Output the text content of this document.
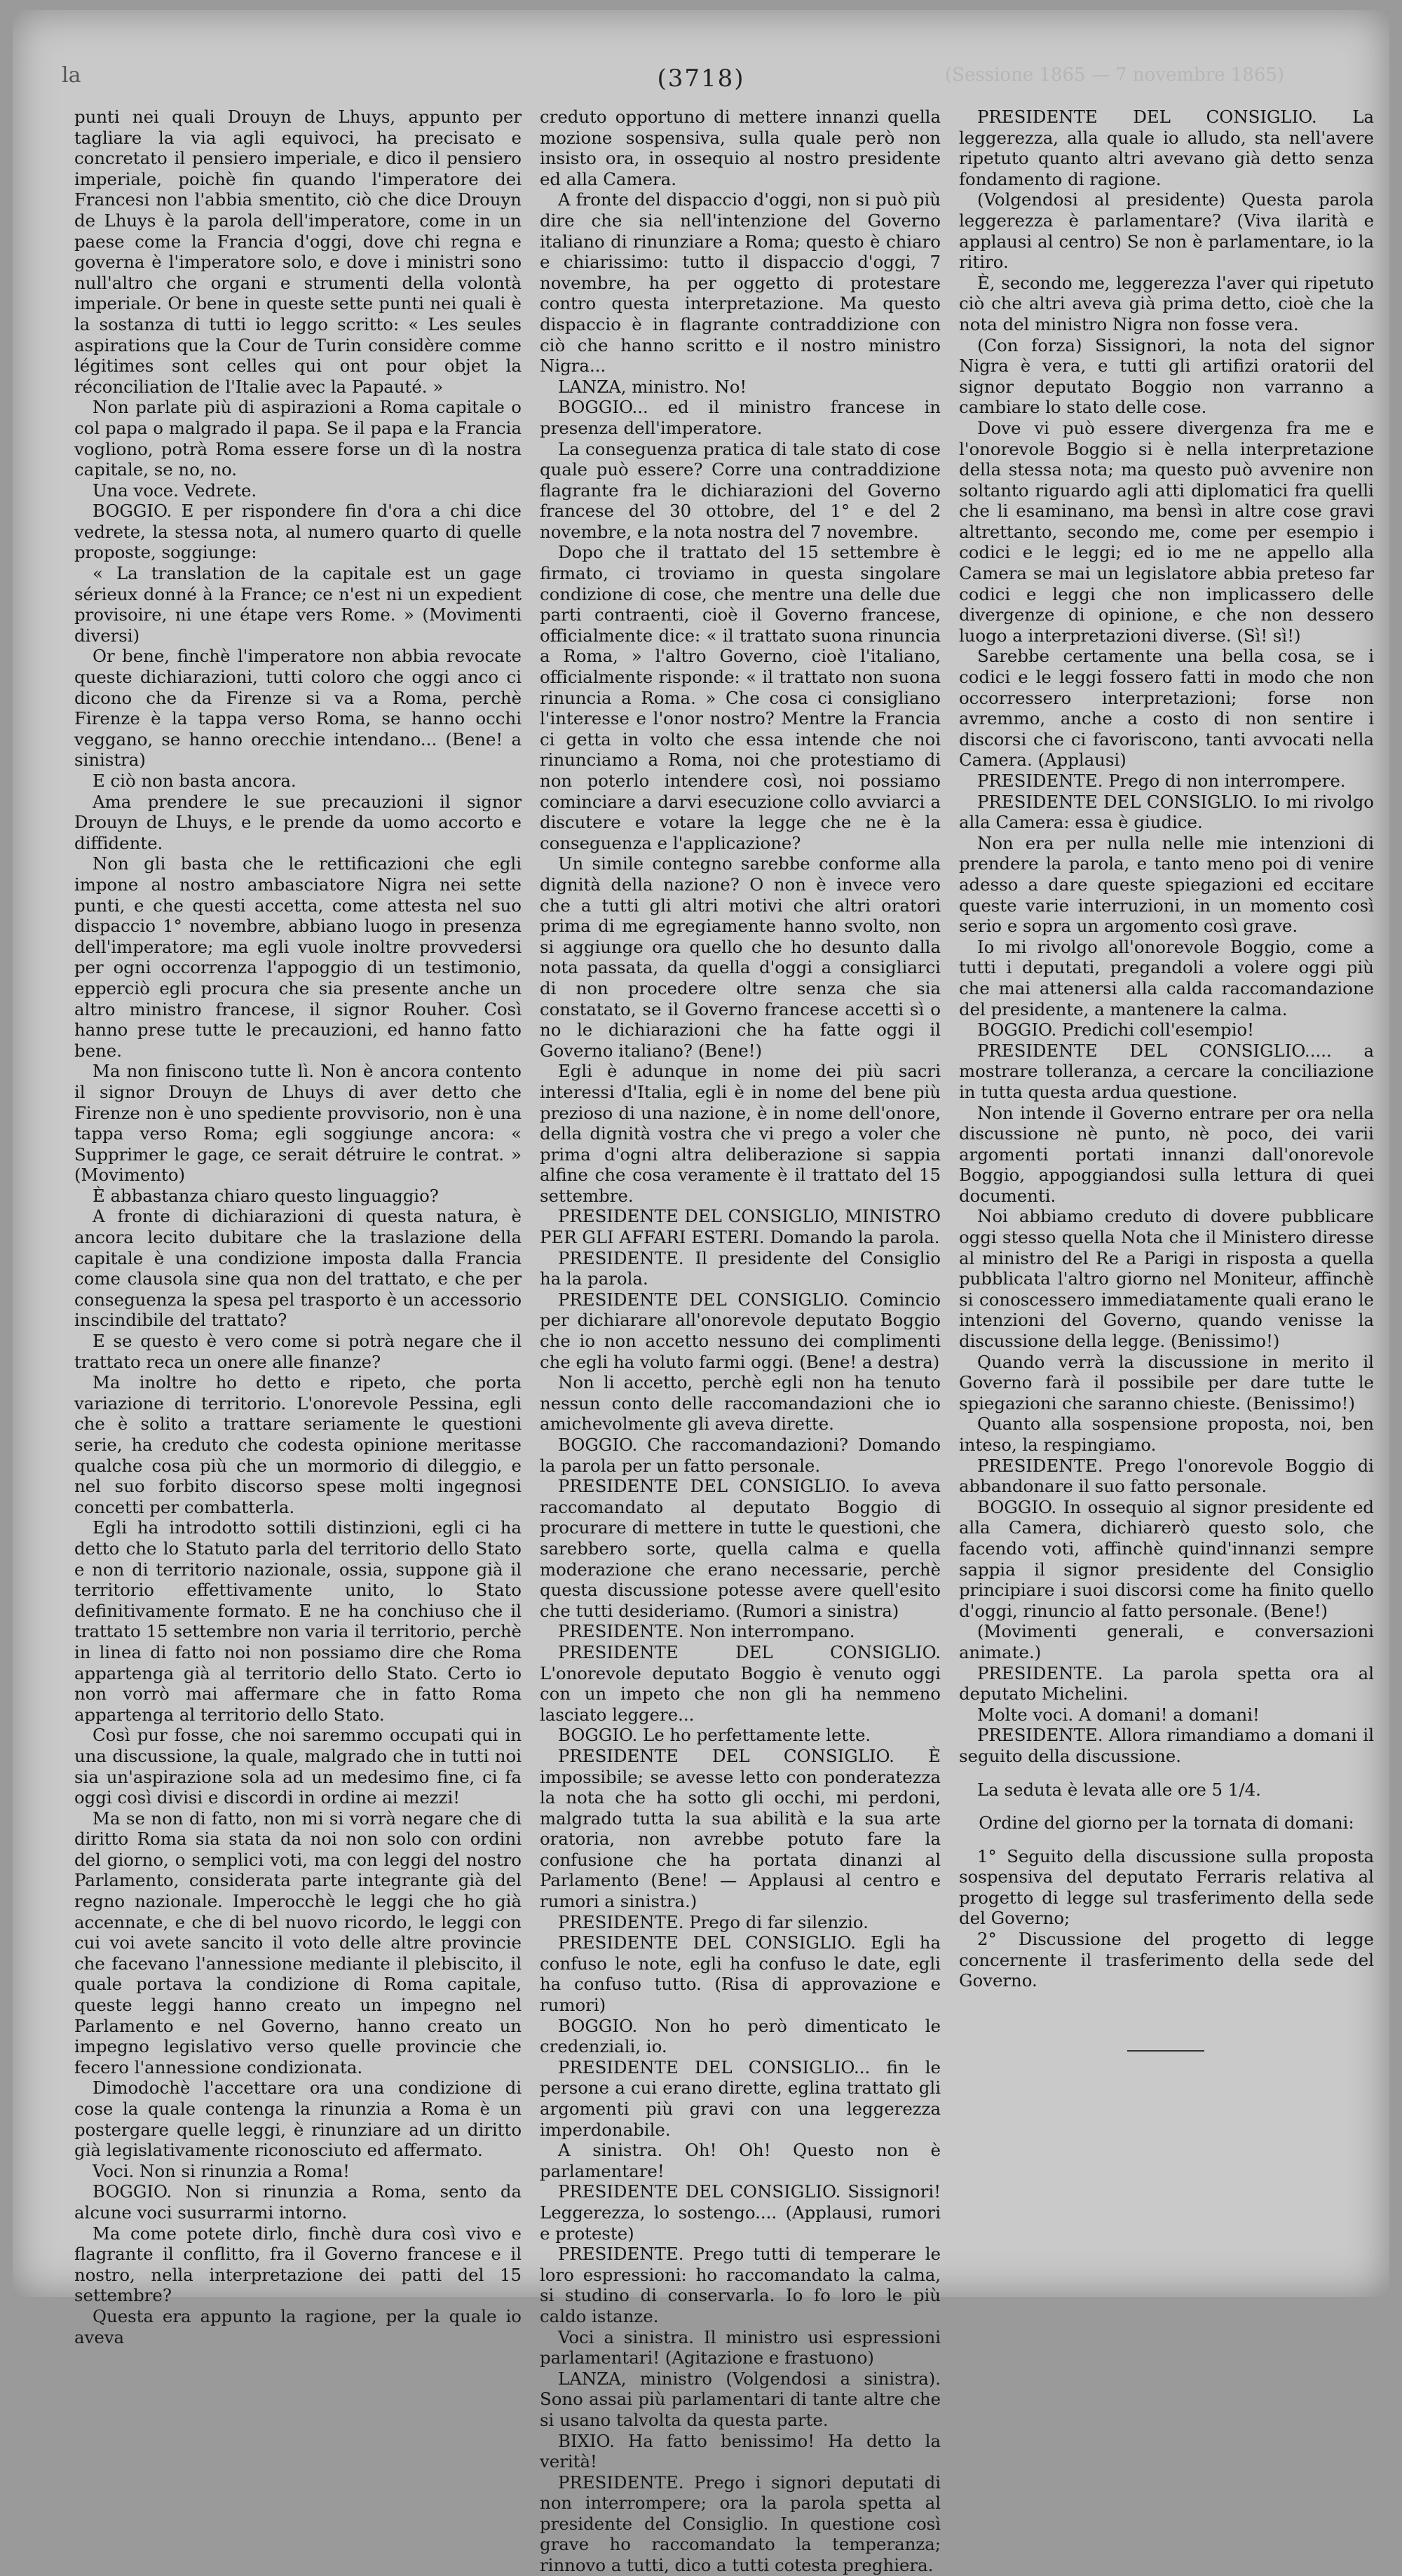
la	(3718)	(Sessione 1865 — 7 novembre 1865)

punti nei quali Drouyn de Lhuys, appunto per tagliare la via agli equivoci, ha precisato e concretato il pensiero imperiale, e dico il pensiero imperiale, poichè fin quando l'imperatore dei Francesi non l'abbia smentito, ciò che dice Drouyn de Lhuys è la parola dell'imperatore, come in un paese come la Francia d'oggi, dove chi regna e governa è l'imperatore solo, e dove i ministri sono null'altro che organi e strumenti della volontà imperiale. Or bene in queste sette punti nei quali è la sostanza di tutti io leggo scritto: « Les seules aspirations que la Cour de Turin considère comme légitimes sont celles qui ont pour objet la réconciliation de l'Italie avec la Papauté. »

Non parlate più di aspirazioni a Roma capitale o col papa o malgrado il papa. Se il papa e la Francia vogliono, potrà Roma essere forse un dì la nostra capitale, se no, no.

Una voce. Vedrete.

BOGGIO. E per rispondere fin d'ora a chi dice vedrete, la stessa nota, al numero quarto di quelle proposte, soggiunge:

« La translation de la capitale est un gage sérieux donné à la France; ce n'est ni un expedient provisoire, ni une étape vers Rome. » (Movimenti diversi)

Or bene, finchè l'imperatore non abbia revocate queste dichiarazioni, tutti coloro che oggi anco ci dicono che da Firenze si va a Roma, perchè Firenze è la tappa verso Roma, se hanno occhi veggano, se hanno orecchie intendano... (Bene! a sinistra)

E ciò non basta ancora.

Ama prendere le sue precauzioni il signor Drouyn de Lhuys, e le prende da uomo accorto e diffidente.

Non gli basta che le rettificazioni che egli impone al nostro ambasciatore Nigra nei sette punti, e che questi accetta, come attesta nel suo dispaccio 1° novembre, abbiano luogo in presenza dell'imperatore; ma egli vuole inoltre provvedersi per ogni occorrenza l'appoggio di un testimonio, epperciò egli procura che sia presente anche un altro ministro francese, il signor Rouher. Così hanno prese tutte le precauzioni, ed hanno fatto bene.

Ma non finiscono tutte lì. Non è ancora contento il signor Drouyn de Lhuys di aver detto che Firenze non è uno spediente provvisorio, non è una tappa verso Roma; egli soggiunge ancora: « Supprimer le gage, ce serait détruire le contrat. » (Movimento)

È abbastanza chiaro questo linguaggio?

A fronte di dichiarazioni di questa natura, è ancora lecito dubitare che la traslazione della capitale è una condizione imposta dalla Francia come clausola sine qua non del trattato, e che per conseguenza la spesa pel trasporto è un accessorio inscindibile del trattato?

E se questo è vero come si potrà negare che il trattato reca un onere alle finanze?

Ma inoltre ho detto e ripeto, che porta variazione di territorio. L'onorevole Pessina, egli che è solito a trattare seriamente le questioni serie, ha creduto che codesta opinione meritasse qualche cosa più che un mormorio di dileggio, e nel suo forbito discorso spese molti ingegnosi concetti per combatterla.

Egli ha introdotto sottili distinzioni, egli ci ha detto che lo Statuto parla del territorio dello Stato e non di territorio nazionale, ossia, suppone già il territorio effettivamente unito, lo Stato definitivamente formato. E ne ha conchiuso che il trattato 15 settembre non varia il territorio, perchè in linea di fatto noi non possiamo dire che Roma appartenga già al territorio dello Stato. Certo io non vorrò mai affermare che in fatto Roma appartenga al territorio dello Stato.

Così pur fosse, che noi saremmo occupati qui in una discussione, la quale, malgrado che in tutti noi sia un'aspirazione sola ad un medesimo fine, ci fa oggi così divisi e discordi in ordine ai mezzi!

Ma se non di fatto, non mi si vorrà negare che di diritto Roma sia stata da noi non solo con ordini del giorno, o semplici voti, ma con leggi del nostro Parlamento, considerata parte integrante già del regno nazionale. Imperocchè le leggi che ho già accennate, e che di bel nuovo ricordo, le leggi con cui voi avete sancito il voto delle altre provincie che facevano l'annessione mediante il plebiscito, il quale portava la condizione di Roma capitale, queste leggi hanno creato un impegno nel Parlamento e nel Governo, hanno creato un impegno legislativo verso quelle provincie che fecero l'annessione condizionata.

Dimodochè l'accettare ora una condizione di cose la quale contenga la rinunzia a Roma è un postergare quelle leggi, è rinunziare ad un diritto già legislativamente riconosciuto ed affermato.

Voci. Non si rinunzia a Roma!

BOGGIO. Non si rinunzia a Roma, sento da alcune voci susurrarmi intorno.

Ma come potete dirlo, finchè dura così vivo e flagrante il conflitto, fra il Governo francese e il nostro, nella interpretazione dei patti del 15 settembre?

Questa era appunto la ragione, per la quale io aveva

creduto opportuno di mettere innanzi quella mozione sospensiva, sulla quale però non insisto ora, in ossequio al nostro presidente ed alla Camera.

A fronte del dispaccio d'oggi, non si può più dire che sia nell'intenzione del Governo italiano di rinunziare a Roma; questo è chiaro e chiarissimo: tutto il dispaccio d'oggi, 7 novembre, ha per oggetto di protestare contro questa interpretazione. Ma questo dispaccio è in flagrante contraddizione con ciò che hanno scritto e il nostro ministro Nigra...

LANZA, ministro. No!

BOGGIO... ed il ministro francese in presenza dell'imperatore.

La conseguenza pratica di tale stato di cose quale può essere? Corre una contraddizione flagrante fra le dichiarazioni del Governo francese del 30 ottobre, del 1° e del 2 novembre, e la nota nostra del 7 novembre.

Dopo che il trattato del 15 settembre è firmato, ci troviamo in questa singolare condizione di cose, che mentre una delle due parti contraenti, cioè il Governo francese, officialmente dice: « il trattato suona rinuncia a Roma, » l'altro Governo, cioè l'italiano, officialmente risponde: « il trattato non suona rinuncia a Roma. » Che cosa ci consigliano l'interesse e l'onor nostro? Mentre la Francia ci getta in volto che essa intende che noi rinunciamo a Roma, noi che protestiamo di non poterlo intendere così, noi possiamo cominciare a darvi esecuzione collo avviarci a discutere e votare la legge che ne è la conseguenza e l'applicazione?

Un simile contegno sarebbe conforme alla dignità della nazione? O non è invece vero che a tutti gli altri motivi che altri oratori prima di me egregiamente hanno svolto, non si aggiunge ora quello che ho desunto dalla nota passata, da quella d'oggi a consigliarci di non procedere oltre senza che sia constatato, se il Governo francese accetti sì o no le dichiarazioni che ha fatte oggi il Governo italiano? (Bene!)

Egli è adunque in nome dei più sacri interessi d'Italia, egli è in nome del bene più prezioso di una nazione, è in nome dell'onore, della dignità vostra che vi prego a voler che prima d'ogni altra deliberazione si sappia alfine che cosa veramente è il trattato del 15 settembre.

PRESIDENTE DEL CONSIGLIO, MINISTRO PER GLI AFFARI ESTERI. Domando la parola.

PRESIDENTE. Il presidente del Consiglio ha la parola.

PRESIDENTE DEL CONSIGLIO. Comincio per dichiarare all'onorevole deputato Boggio che io non accetto nessuno dei complimenti che egli ha voluto farmi oggi. (Bene! a destra)

Non li accetto, perchè egli non ha tenuto nessun conto delle raccomandazioni che io amichevolmente gli aveva dirette.

BOGGIO. Che raccomandazioni? Domando la parola per un fatto personale.

PRESIDENTE DEL CONSIGLIO. Io aveva raccomandato al deputato Boggio di procurare di mettere in tutte le questioni, che sarebbero sorte, quella calma e quella moderazione che erano necessarie, perchè questa discussione potesse avere quell'esito che tutti desideriamo. (Rumori a sinistra)

PRESIDENTE. Non interrompano.

PRESIDENTE DEL CONSIGLIO. L'onorevole deputato Boggio è venuto oggi con un impeto che non gli ha nemmeno lasciato leggere...

BOGGIO. Le ho perfettamente lette.

PRESIDENTE DEL CONSIGLIO. È impossibile; se avesse letto con ponderatezza la nota che ha sotto gli occhi, mi perdoni, malgrado tutta la sua abilità e la sua arte oratoria, non avrebbe potuto fare la confusione che ha portata dinanzi al Parlamento (Bene! — Applausi al centro e rumori a sinistra.)

PRESIDENTE. Prego di far silenzio.

PRESIDENTE DEL CONSIGLIO. Egli ha confuso le note, egli ha confuso le date, egli ha confuso tutto. (Risa di approvazione e rumori)

BOGGIO. Non ho però dimenticato le credenziali, io.

PRESIDENTE DEL CONSIGLIO... fin le persone a cui erano dirette, eglina trattato gli argomenti più gravi con una leggerezza imperdonabile.

A sinistra. Oh! Oh! Questo non è parlamentare!

PRESIDENTE DEL CONSIGLIO. Sissignori! Leggerezza, lo sostengo.... (Applausi, rumori e proteste)

PRESIDENTE. Prego tutti di temperare le loro espressioni: ho raccomandato la calma, si studino di conservarla. Io fo loro le più caldo istanze.

Voci a sinistra. Il ministro usi espressioni parlamentari! (Agitazione e frastuono)

LANZA, ministro (Volgendosi a sinistra). Sono assai più parlamentari di tante altre che si usano talvolta da questa parte.

BIXIO. Ha fatto benissimo! Ha detto la verità!

PRESIDENTE. Prego i signori deputati di non interrompere; ora la parola spetta al presidente del Consiglio. In questione così grave ho raccomandato la temperanza; rinnovo a tutti, dico a tutti cotesta preghiera.

PRESIDENTE DEL CONSIGLIO. La leggerezza, alla quale io alludo, sta nell'avere ripetuto quanto altri avevano già detto senza fondamento di ragione.

(Volgendosi al presidente) Questa parola leggerezza è parlamentare? (Viva ilarità e applausi al centro) Se non è parlamentare, io la ritiro.

È, secondo me, leggerezza l'aver qui ripetuto ciò che altri aveva già prima detto, cioè che la nota del ministro Nigra non fosse vera.

(Con forza) Sissignori, la nota del signor Nigra è vera, e tutti gli artifizi oratorii del signor deputato Boggio non varranno a cambiare lo stato delle cose.

Dove vi può essere divergenza fra me e l'onorevole Boggio si è nella interpretazione della stessa nota; ma questo può avvenire non soltanto riguardo agli atti diplomatici fra quelli che li esaminano, ma bensì in altre cose gravi altrettanto, secondo me, come per esempio i codici e le leggi; ed io me ne appello alla Camera se mai un legislatore abbia preteso far codici e leggi che non implicassero delle divergenze di opinione, e che non dessero luogo a interpretazioni diverse. (Sì! sì!)

Sarebbe certamente una bella cosa, se i codici e le leggi fossero fatti in modo che non occorressero interpretazioni; forse non avremmo, anche a costo di non sentire i discorsi che ci favoriscono, tanti avvocati nella Camera. (Applausi)

PRESIDENTE. Prego di non interrompere.

PRESIDENTE DEL CONSIGLIO. Io mi rivolgo alla Camera: essa è giudice.

Non era per nulla nelle mie intenzioni di prendere la parola, e tanto meno poi di venire adesso a dare queste spiegazioni ed eccitare queste varie interruzioni, in un momento così serio e sopra un argomento così grave.

Io mi rivolgo all'onorevole Boggio, come a tutti i deputati, pregandoli a volere oggi più che mai attenersi alla calda raccomandazione del presidente, a mantenere la calma.

BOGGIO. Predichi coll'esempio!

PRESIDENTE DEL CONSIGLIO..... a mostrare tolleranza, a cercare la conciliazione in tutta questa ardua questione.

Non intende il Governo entrare per ora nella discussione nè punto, nè poco, dei varii argomenti portati innanzi dall'onorevole Boggio, appoggiandosi sulla lettura di quei documenti.

Noi abbiamo creduto di dovere pubblicare oggi stesso quella Nota che il Ministero diresse al ministro del Re a Parigi in risposta a quella pubblicata l'altro giorno nel Moniteur, affinchè si conoscessero immediatamente quali erano le intenzioni del Governo, quando venisse la discussione della legge. (Benissimo!)

Quando verrà la discussione in merito il Governo farà il possibile per dare tutte le spiegazioni che saranno chieste. (Benissimo!)

Quanto alla sospensione proposta, noi, ben inteso, la respingiamo.

PRESIDENTE. Prego l'onorevole Boggio di abbandonare il suo fatto personale.

BOGGIO. In ossequio al signor presidente ed alla Camera, dichiarerò questo solo, che facendo voti, affinchè quind'innanzi sempre sappia il signor presidente del Consiglio principiare i suoi discorsi come ha finito quello d'oggi, rinuncio al fatto personale. (Bene!)

(Movimenti generali, e conversazioni animate.)

PRESIDENTE. La parola spetta ora al deputato Michelini.

Molte voci. A domani! a domani!

PRESIDENTE. Allora rimandiamo a domani il seguito della discussione.

La seduta è levata alle ore 5 1/4.

Ordine del giorno per la tornata di domani:

1° Seguito della discussione sulla proposta sospensiva del deputato Ferraris relativa al progetto di legge sul trasferimento della sede del Governo;

2° Discussione del progetto di legge concernente il trasferimento della sede del Governo.
